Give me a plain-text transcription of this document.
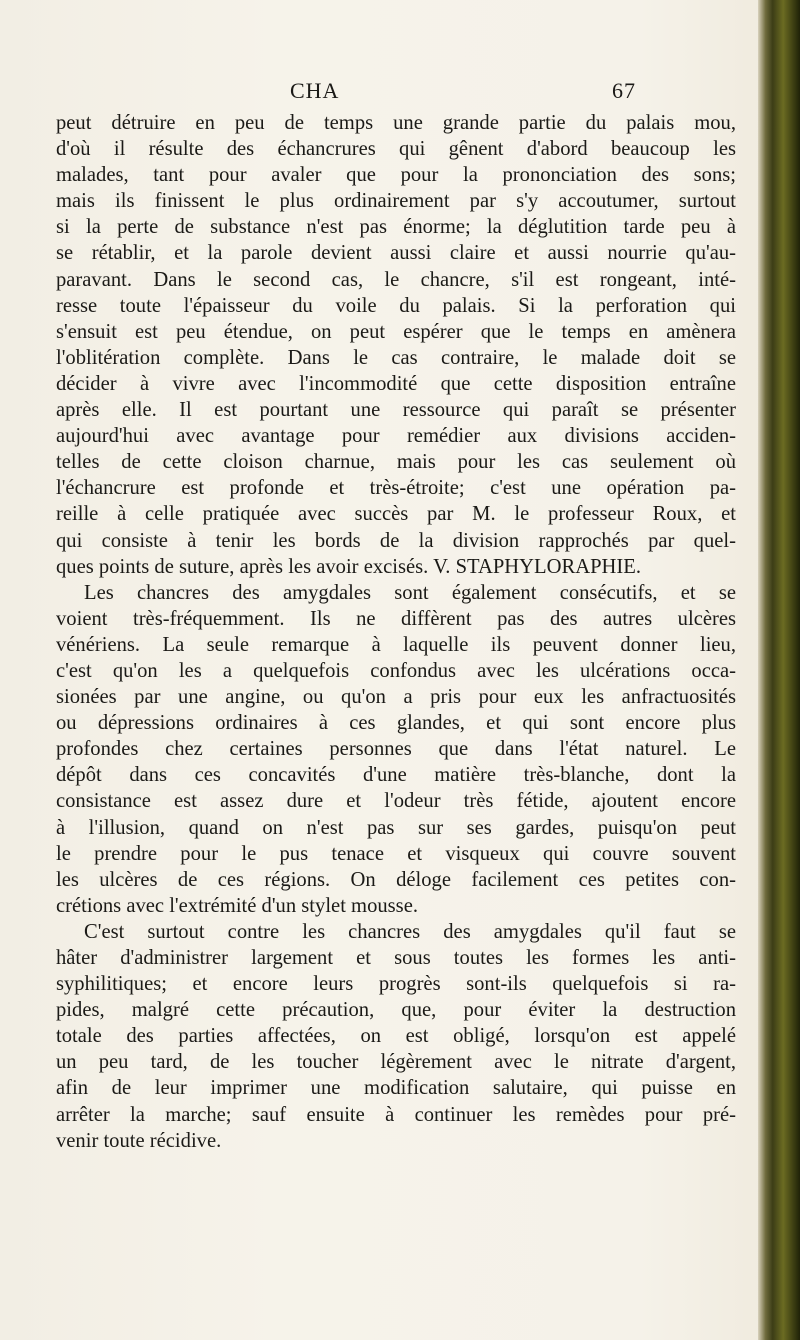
CHA	67
peut détruire en peu de temps une grande partie du palais mou,
d'où il résulte des échancrures qui gênent d'abord beaucoup les
malades, tant pour avaler que pour la prononciation des sons;
mais ils finissent le plus ordinairement par s'y accoutumer, surtout
si la perte de substance n'est pas énorme; la déglutition tarde peu à
se rétablir, et la parole devient aussi claire et aussi nourrie qu'au-
paravant. Dans le second cas, le chancre, s'il est rongeant, inté-
resse toute l'épaisseur du voile du palais. Si la perforation qui
s'ensuit est peu étendue, on peut espérer que le temps en amènera
l'oblitération complète. Dans le cas contraire, le malade doit se
décider à vivre avec l'incommodité que cette disposition entraîne
après elle. Il est pourtant une ressource qui paraît se présenter
aujourd'hui avec avantage pour remédier aux divisions acciden-
telles de cette cloison charnue, mais pour les cas seulement où
l'échancrure est profonde et très-étroite; c'est une opération pa-
reille à celle pratiquée avec succès par M. le professeur Roux, et
qui consiste à tenir les bords de la division rapprochés par quel-
ques points de suture, après les avoir excisés. V. STAPHYLORAPHIE.
Les chancres des amygdales sont également consécutifs, et se
voient très-fréquemment. Ils ne diffèrent pas des autres ulcères
vénériens. La seule remarque à laquelle ils peuvent donner lieu,
c'est qu'on les a quelquefois confondus avec les ulcérations occa-
sionées par une angine, ou qu'on a pris pour eux les anfractuosités
ou dépressions ordinaires à ces glandes, et qui sont encore plus
profondes chez certaines personnes que dans l'état naturel. Le
dépôt dans ces concavités d'une matière très-blanche, dont la
consistance est assez dure et l'odeur très fétide, ajoutent encore
à l'illusion, quand on n'est pas sur ses gardes, puisqu'on peut
le prendre pour le pus tenace et visqueux qui couvre souvent
les ulcères de ces régions. On déloge facilement ces petites con-
crétions avec l'extrémité d'un stylet mousse.
C'est surtout contre les chancres des amygdales qu'il faut se
hâter d'administrer largement et sous toutes les formes les anti-
syphilitiques; et encore leurs progrès sont-ils quelquefois si ra-
pides, malgré cette précaution, que, pour éviter la destruction
totale des parties affectées, on est obligé, lorsqu'on est appelé
un peu tard, de les toucher légèrement avec le nitrate d'argent,
afin de leur imprimer une modification salutaire, qui puisse en
arrêter la marche; sauf ensuite à continuer les remèdes pour pré-
venir toute récidive.
